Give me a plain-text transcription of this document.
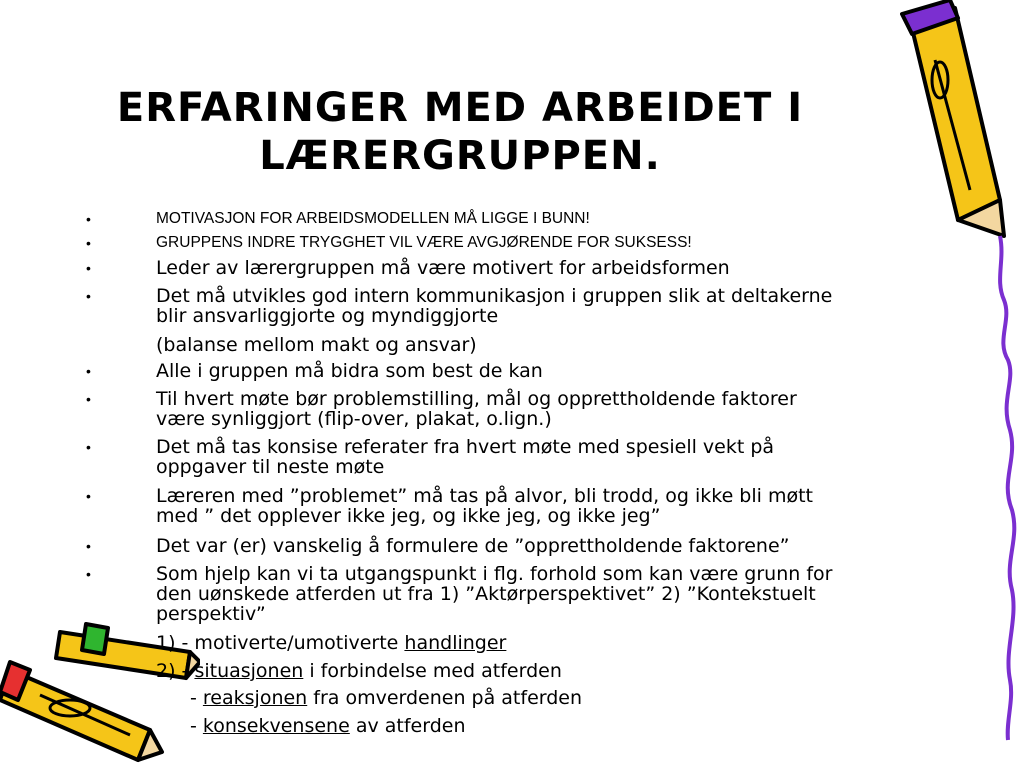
ERFARINGER MED ARBEIDET I
LÆRERGRUPPEN.
•	MOTIVASJON FOR ARBEIDSMODELLEN MÅ LIGGE I BUNN!
•	GRUPPENS INDRE TRYGGHET VIL VÆRE AVGJØRENDE FOR SUKSESS!
•	Leder av lærergruppen må være motivert for arbeidsformen
•	Det må utvikles god intern kommunikasjon i gruppen slik at deltakerne
blir ansvarliggjorte og myndiggjorte
(balanse mellom makt og ansvar)
•	Alle i gruppen må bidra som best de kan
•	Til hvert møte bør problemstilling, mål og opprettholdende faktorer
være synliggjort (flip-over, plakat, o.lign.)
•	Det må tas konsise referater fra hvert møte med spesiell vekt på
oppgaver til neste møte
•	Læreren med ”problemet” må tas på alvor, bli trodd, og ikke bli møtt
med ” det opplever ikke jeg, og ikke jeg, og ikke jeg”
•	Det var (er) vanskelig å formulere de ”opprettholdende faktorene”
•	Som hjelp kan vi ta utgangspunkt i flg. forhold som kan være grunn for
den uønskede atferden ut fra 1) ”Aktørperspektivet” 2) ”Kontekstuelt
perspektiv”
1) - motiverte/umotiverte handlinger
2) - situasjonen i forbindelse med atferden
- reaksjonen fra omverdenen på atferden
- konsekvensene av atferden
